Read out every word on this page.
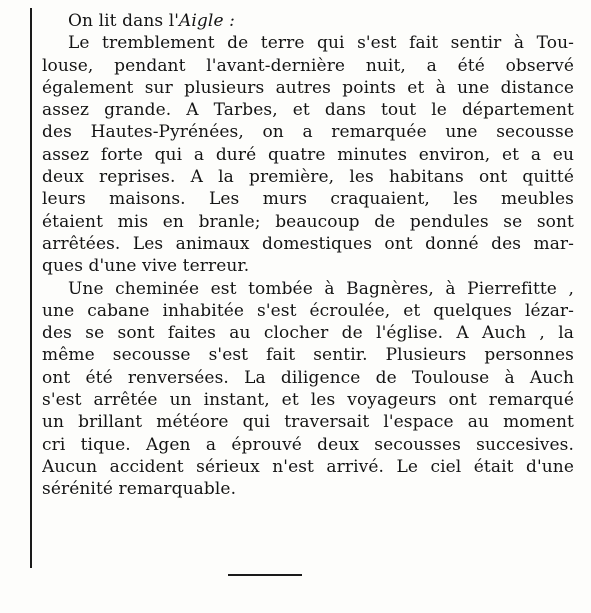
On lit dans l'Aigle :
Le tremblement de terre qui s'est fait sentir à Tou-
louse, pendant l'avant-dernière nuit, a été observé
également sur plusieurs autres points et à une distance
assez grande. A Tarbes, et dans tout le département
des Hautes-Pyrénées, on a remarquée une secousse
assez forte qui a duré quatre minutes environ, et a eu
deux reprises. A la première, les habitans ont quitté
leurs maisons. Les murs craquaient, les meubles
étaient mis en branle; beaucoup de pendules se sont
arrêtées. Les animaux domestiques ont donné des mar-
ques d'une vive terreur.
Une cheminée est tombée à Bagnères, à Pierrefitte ,
une cabane inhabitée s'est écroulée, et quelques lézar-
des se sont faites au clocher de l'église. A Auch , la
même secousse s'est fait sentir. Plusieurs personnes
ont été renversées. La diligence de Toulouse à Auch
s'est arrêtée un instant, et les voyageurs ont remarqué
un brillant météore qui traversait l'espace au moment
cri tique. Agen a éprouvé deux secousses succesives.
Aucun accident sérieux n'est arrivé. Le ciel était d'une
sérénité remarquable.
